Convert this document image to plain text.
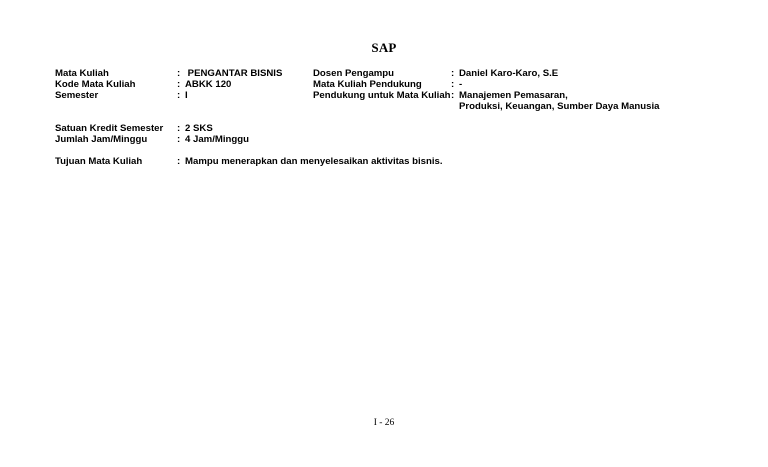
SAP
Mata Kuliah	: PENGANTAR BISNIS	Dosen Pengampu	: Daniel Karo-Karo, S.E
Kode Mata Kuliah	: ABKK 120	Mata Kuliah Pendukung	: -
Semester	: I	Pendukung untuk Mata Kuliah : Manajemen Pemasaran,
Produksi, Keuangan, Sumber Daya Manusia
Satuan Kredit Semester : 2 SKS
Jumlah Jam/Minggu	: 4 Jam/Minggu
Tujuan Mata Kuliah	: Mampu menerapkan dan menyelesaikan aktivitas bisnis.
I - 26
